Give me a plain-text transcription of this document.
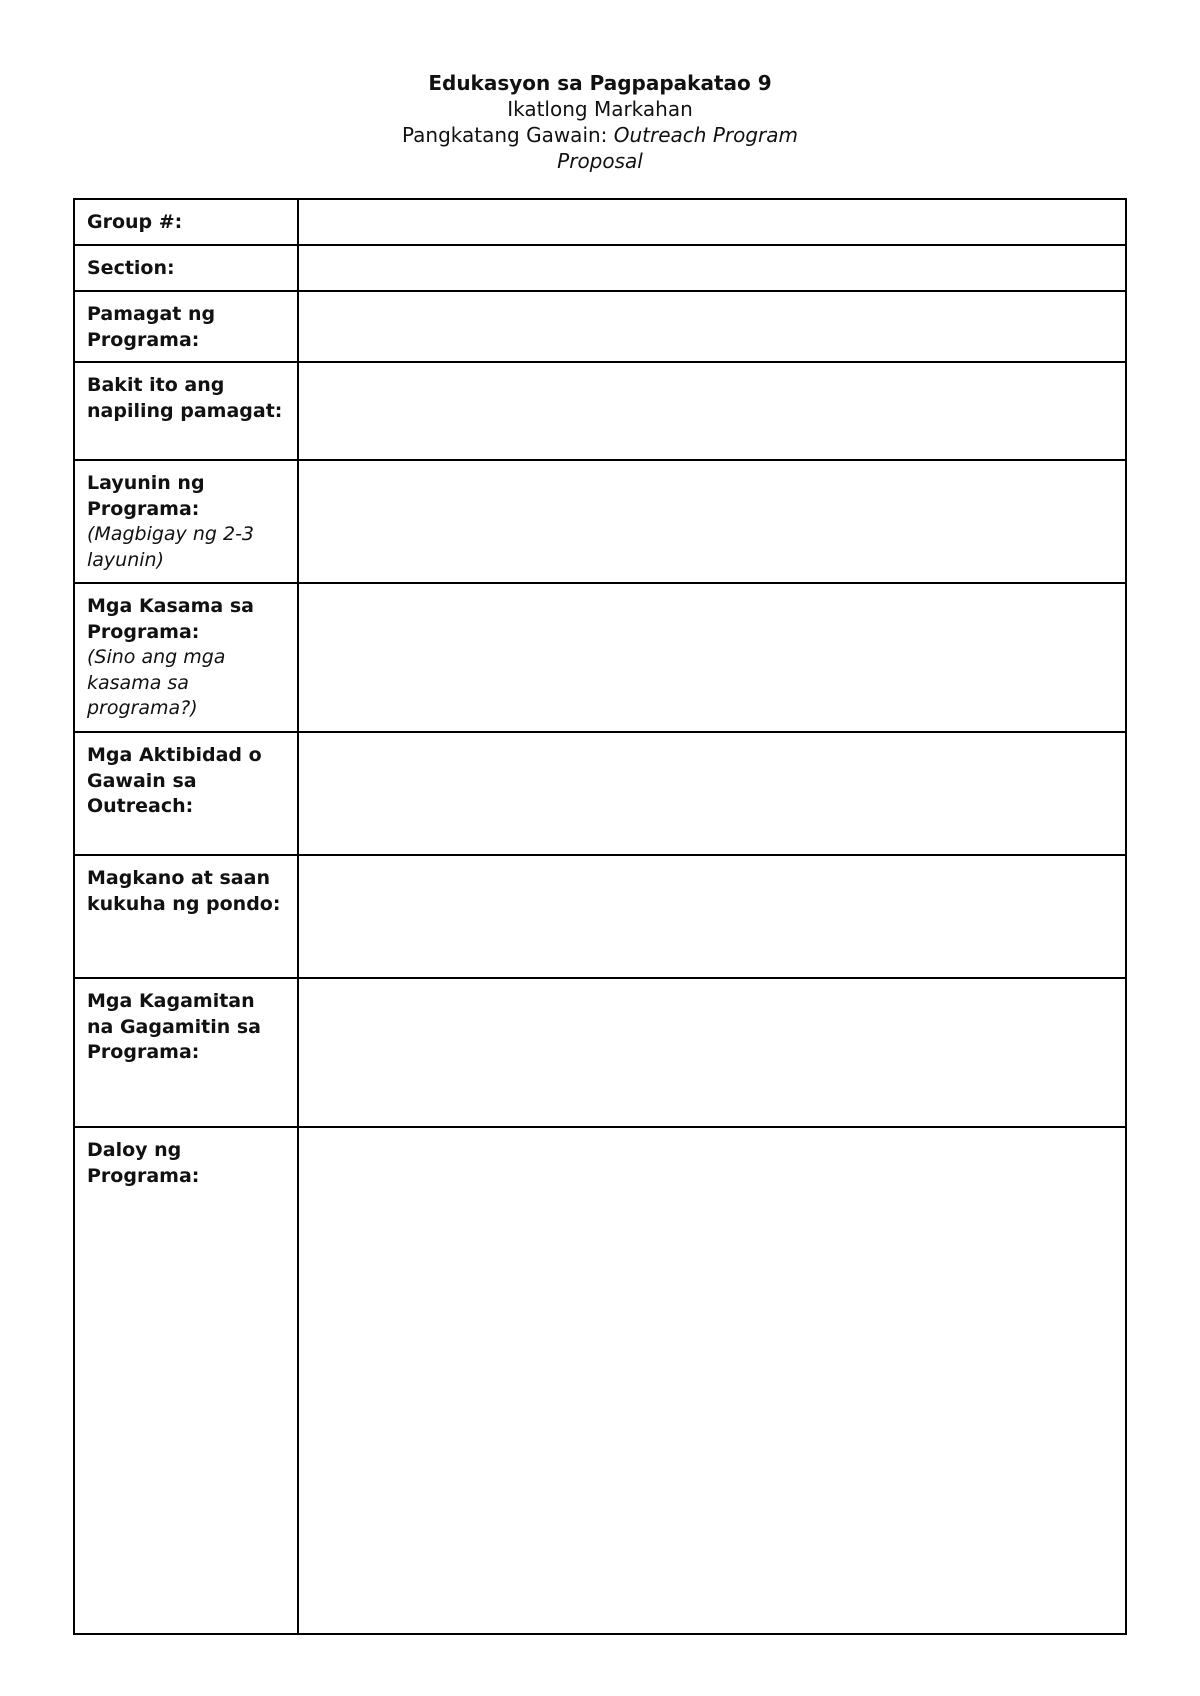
Edukasyon sa Pagpapakatao 9
Ikatlong Markahan
Pangkatang Gawain: Outreach Program
Proposal
Group #:	

Section:	

Pamagat ng Programa:	

Bakit ito ang napiling pamagat:	

Layunin ng Programa:
(Magbigay ng 2-3 layunin)	

Mga Kasama sa Programa:
(Sino ang mga kasama sa programa?)	

Mga Aktibidad o Gawain sa Outreach:	

Magkano at saan kukuha ng pondo:	

Mga Kagamitan na Gagamitin sa Programa:	

Daloy ng Programa:	
